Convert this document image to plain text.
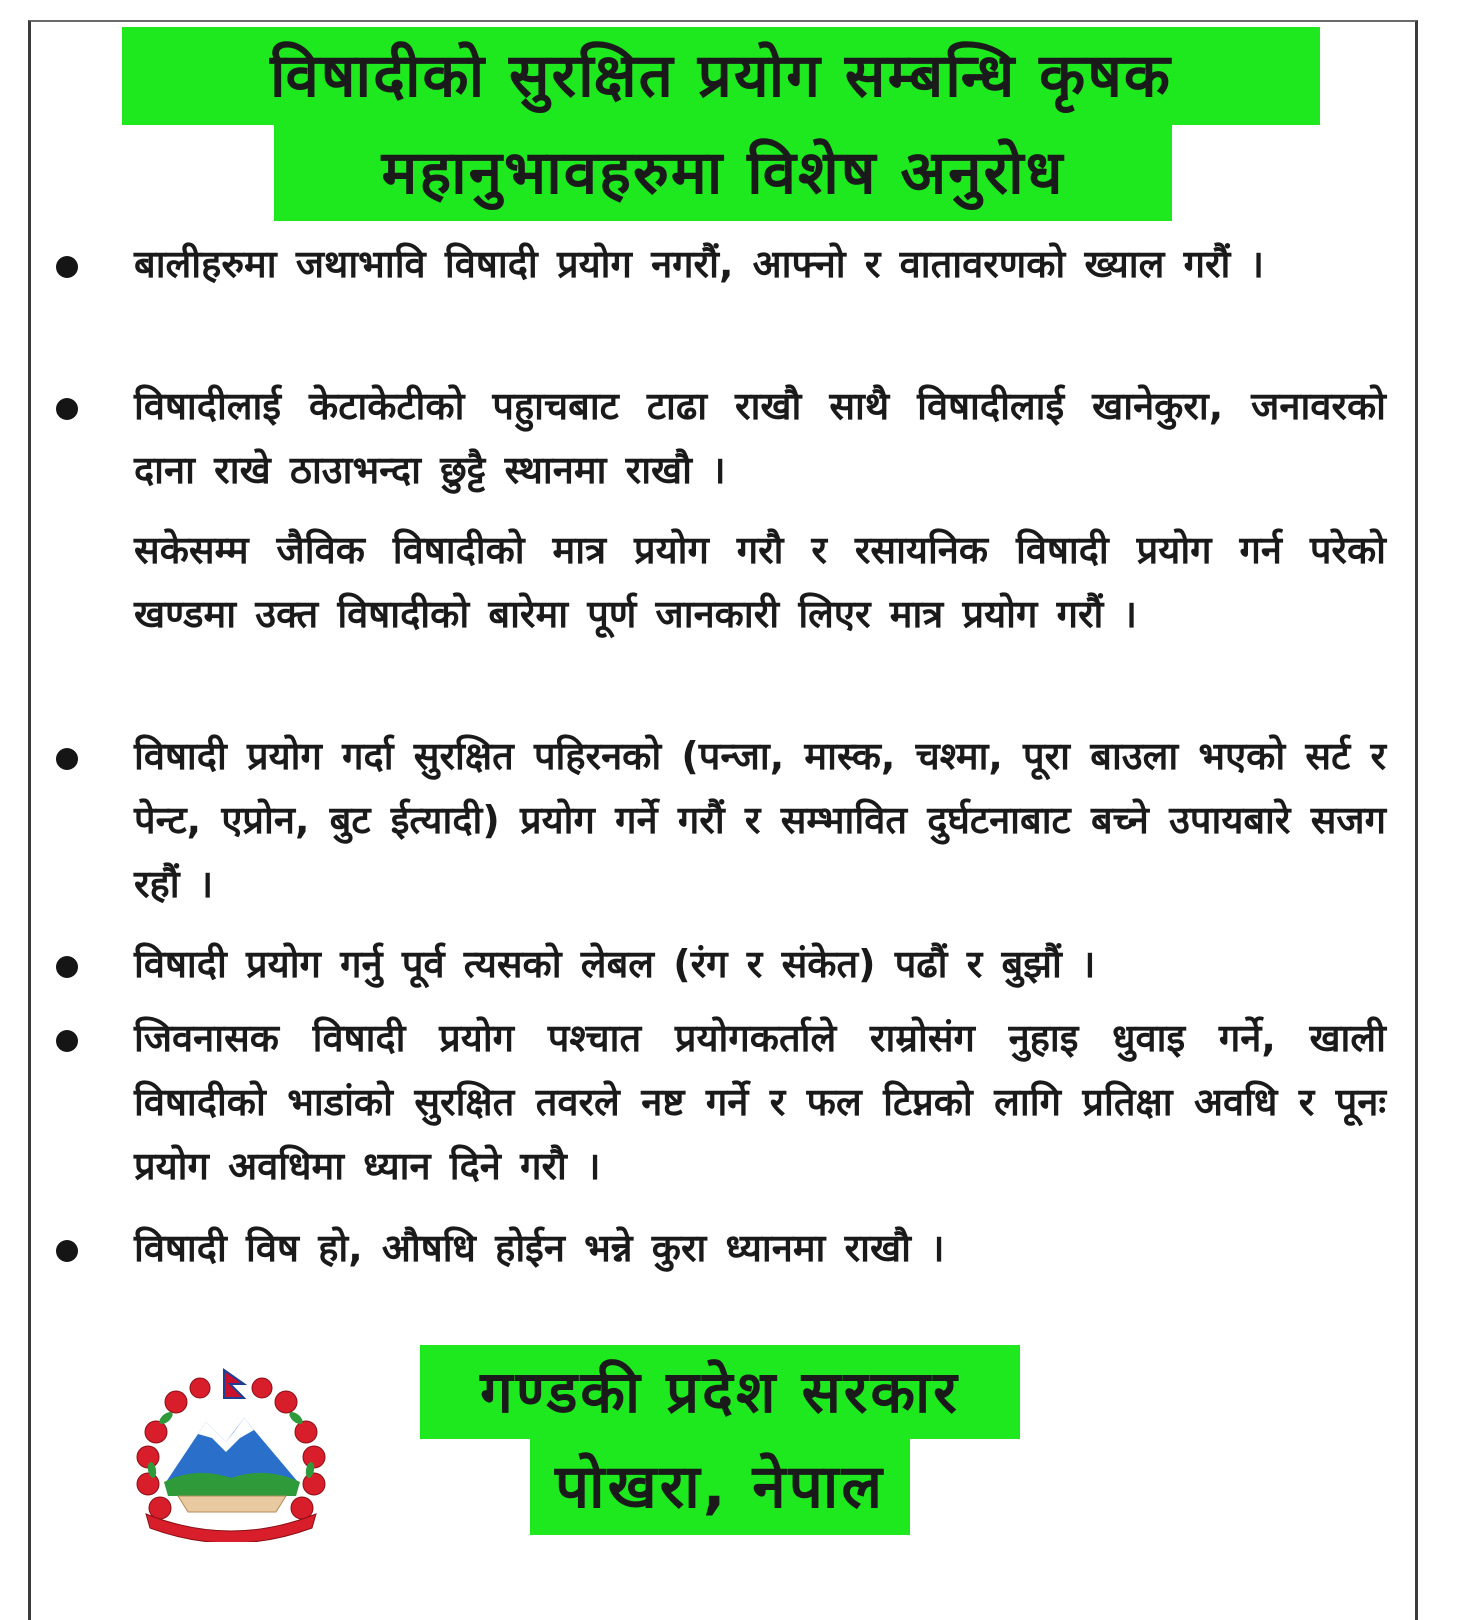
विषादीको सुरक्षित प्रयोग सम्बन्धि कृषक
महानुभावहरुमा विशेष अनुरोध
बालीहरुमा जथाभावि विषादी प्रयोग नगरौं, आफ्नो र वातावरणको ख्याल गरौं ।
विषादीलाई केटाकेटीको पहुाचबाट टाढा राखौ साथै विषादीलाई खानेकुरा, जनावरको दाना राखे ठाउाभन्दा छुट्टै स्थानमा राखौ ।
सकेसम्म जैविक विषादीको मात्र प्रयोग गरौ र रसायनिक विषादी प्रयोग गर्न परेको खण्डमा उक्त विषादीको बारेमा पूर्ण जानकारी लिएर मात्र प्रयोग गरौं ।
विषादी प्रयोग गर्दा सुरक्षित पहिरनको (पन्जा, मास्क, चश्मा, पूरा बाउला भएको सर्ट र पेन्ट, एप्रोन, बुट ईत्यादी) प्रयोग गर्ने गरौं र सम्भावित दुर्घटनाबाट बच्ने उपायबारे सजग रहौं ।
विषादी प्रयोग गर्नु पूर्व त्यसको लेबल (रंग र संकेत) पढौं र बुझौं ।
जिवनासक विषादी प्रयोग पश्चात प्रयोगकर्ताले राम्रोसंग नुहाइ धुवाइ गर्ने, खाली विषादीको भाडांको सुरक्षित तवरले नष्ट गर्ने र फल टिप्नको लागि प्रतिक्षा अवधि र पूनः प्रयोग अवधिमा ध्यान दिने गरौ ।
विषादी विष हो, औषधि होईन भन्ने कुरा ध्यानमा राखौ ।
गण्डकी प्रदेश सरकार
पोखरा, नेपाल
